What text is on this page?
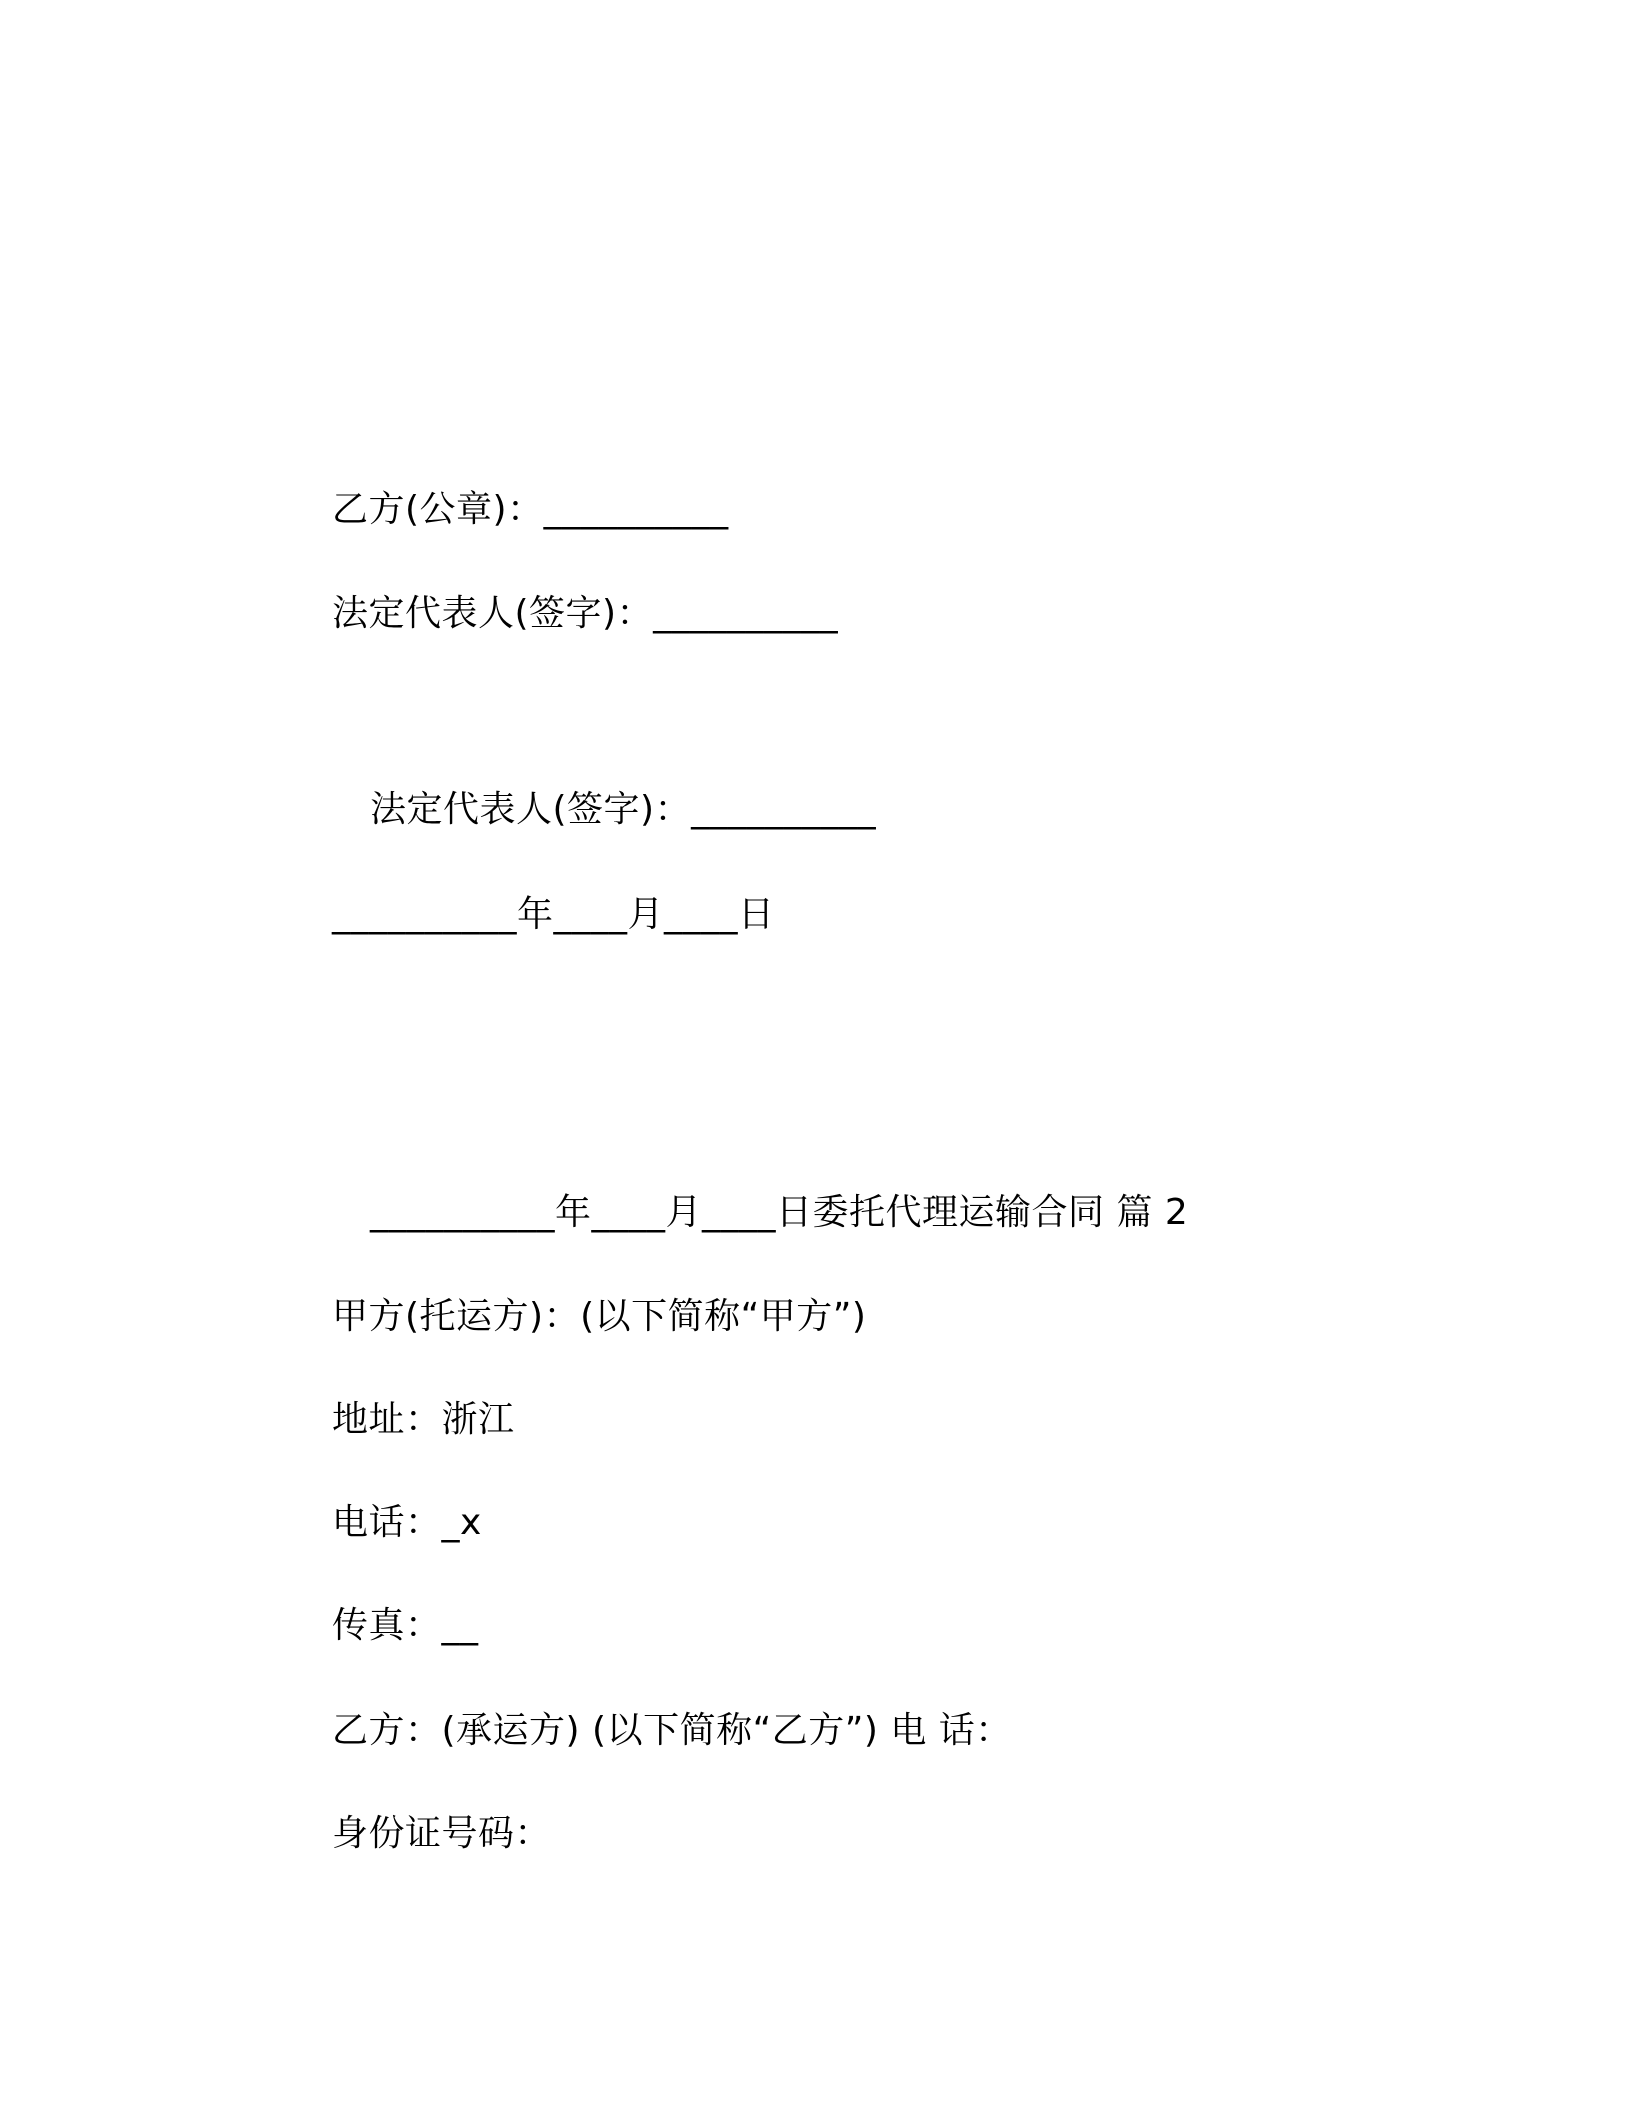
乙方(公章)：__________
法定代表人(签字)：__________
法定代表人(签字)：__________
__________年____月____日
__________年____月____日委托代理运输合同 篇 2
甲方(托运方)：(以下简称“甲方”)
地址：浙江
电话：_x
传真：__
乙方：(承运方) (以下简称“乙方”) 电 话：
身份证号码：
